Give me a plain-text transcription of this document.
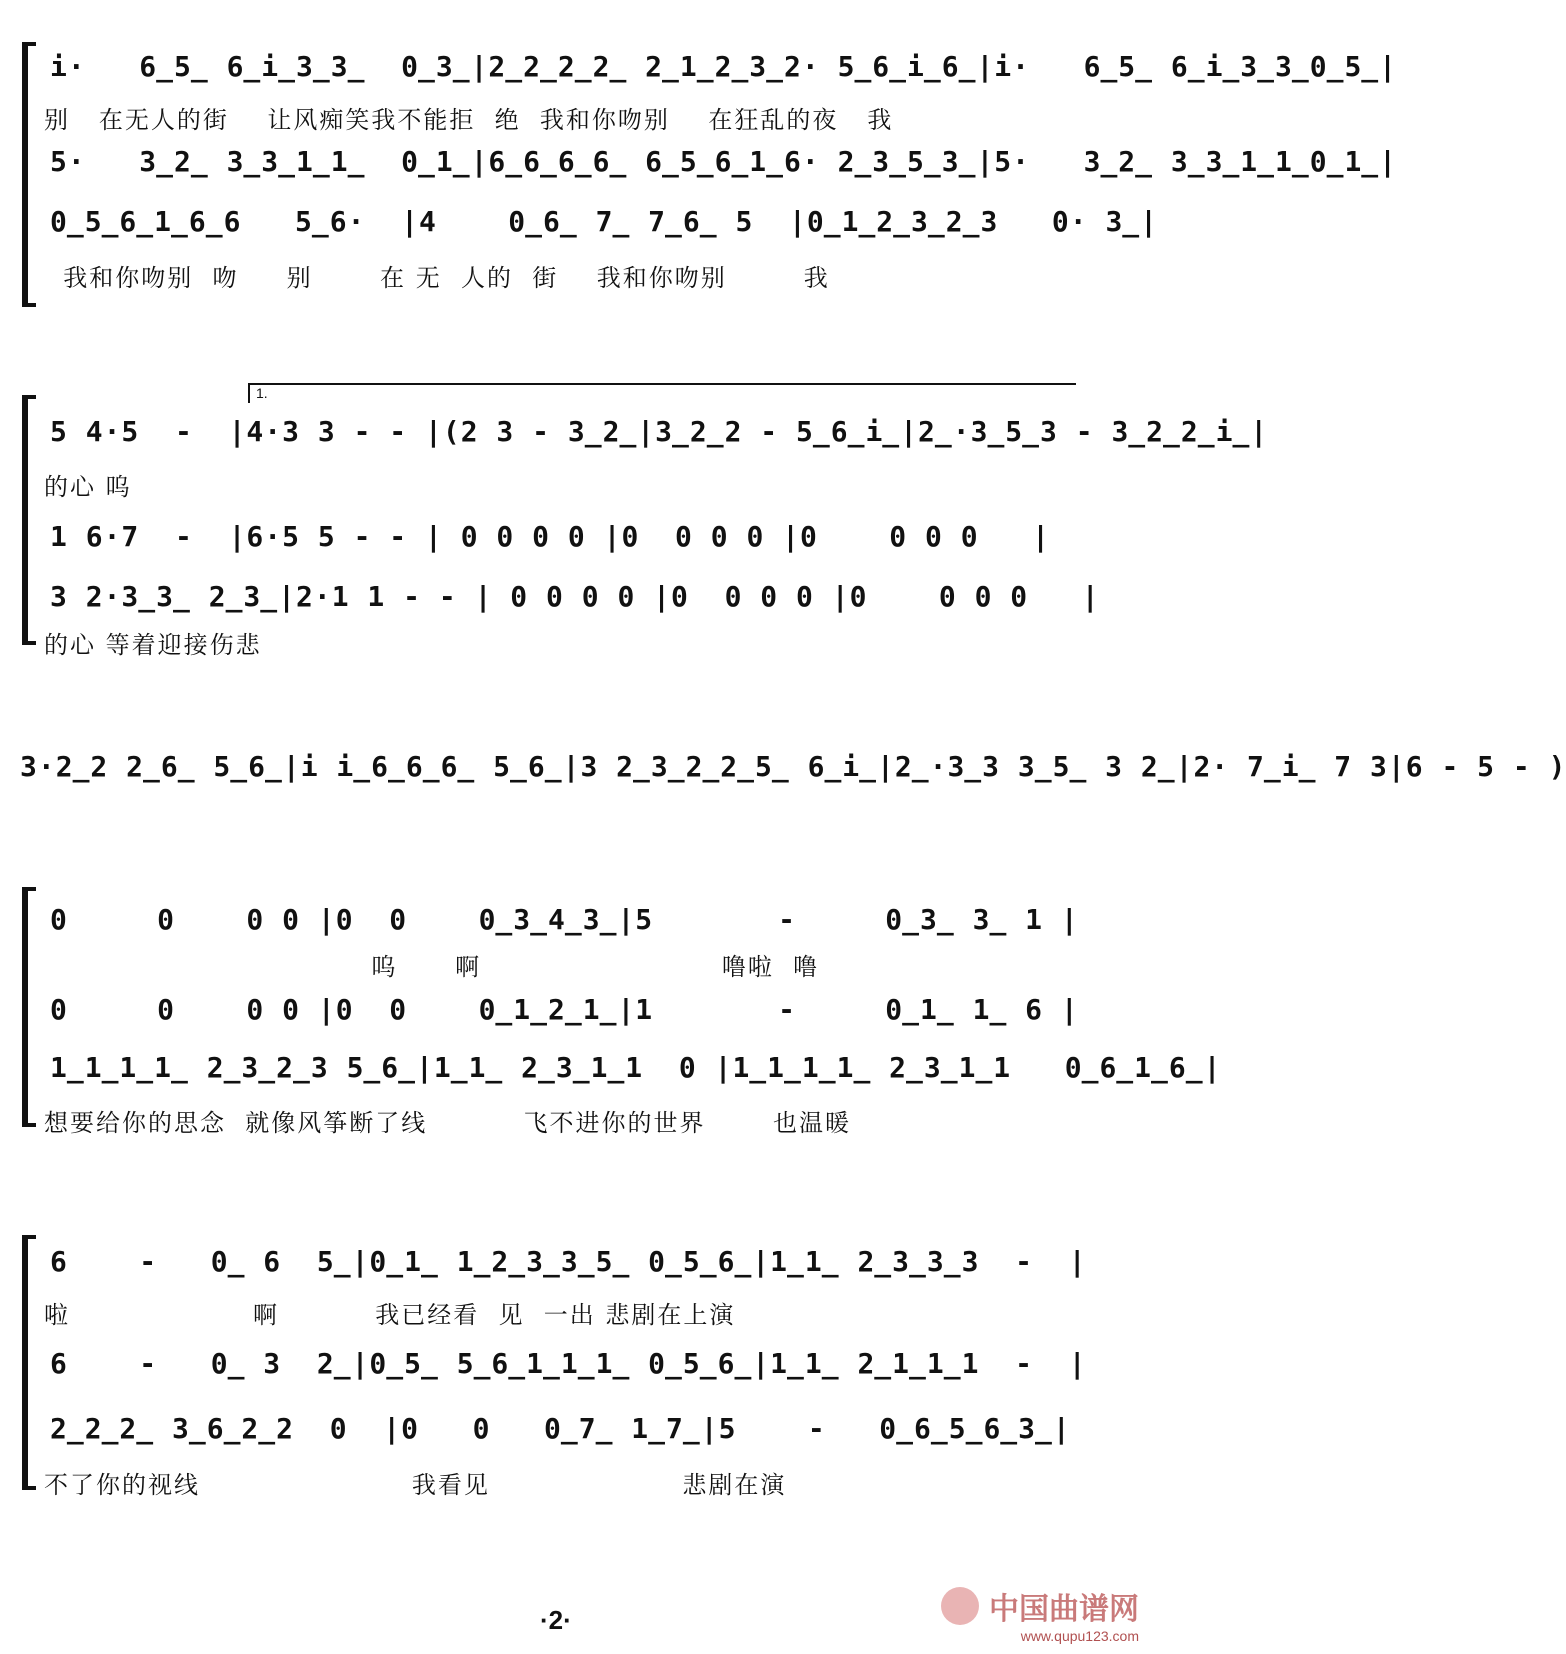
i·   6̲5̲ 6̲i̲3̲3̲  0̲3̲|2̲2̲2̲2̲ 2̲1̲2̲3̲2· 5̲6̲i̲6̲|i·   6̲5̲ 6̲i̲3̲3̲0̲5̲|
别   在无人的街    让风痴笑我不能拒  绝  我和你吻别    在狂乱的夜   我
5·   3̲2̲ 3̲3̲1̲1̲  0̲1̲|6̲6̲6̲6̲ 6̲5̲6̲1̲6· 2̲3̲5̲3̲|5·   3̲2̲ 3̲3̲1̲1̲0̲1̲|
0̲5̲6̲1̲6̲6   5̲6·  |4    0̲6̲ 7̲ 7̲6̲ 5  |0̲1̲2̲3̲2̲3   0· 3̲|
我和你吻别  吻     别       在 无  人的  街    我和你吻别        我
1.
5 4·5  -  |4·3 3 - - |(2 3 - 3̲2̲|3̲2̲2 - 5̲6̲i̲|2̲·3̲5̲3 - 3̲2̲2̲i̲|
的心 呜
1 6·7  -  |6·5 5 - - | 0 0 0 0 |0  0 0 0 |0    0 0 0   |
3 2·3̲3̲ 2̲3̲|2·1 1 - - | 0 0 0 0 |0  0 0 0 |0    0 0 0   |
的心 等着迎接伤悲
3·2̲2 2̲6̲ 5̲6̲|i i̲6̲6̲6̲ 5̲6̲|3 2̲3̲2̲2̲5̲ 6̲i̲|2̲·3̲3 3̲5̲ 3 2̲|2· 7̲i̲ 7 3|6 - 5 - )
0     0    0 0 |0  0    0̲3̲4̲3̲|5       -     0̲3̲ 3̲ 1 |
呜      啊                         噜啦  噜
0     0    0 0 |0  0    0̲1̲2̲1̲|1       -     0̲1̲ 1̲ 6 |
1̲1̲1̲1̲ 2̲3̲2̲3 5̲6̲|1̲1̲ 2̲3̲1̲1  0 |1̲1̲1̲1̲ 2̲3̲1̲1   0̲6̲1̲6̲|
想要给你的思念  就像风筝断了线          飞不进你的世界       也温暖
6    -   0̲ 6  5̲|0̲1̲ 1̲2̲3̲3̲5̲ 0̲5̲6̲|1̲1̲ 2̲3̲3̲3  -  |
啦                   啊          我已经看  见  一出 悲剧在上演
6    -   0̲ 3  2̲|0̲5̲ 5̲6̲1̲1̲1̲ 0̲5̲6̲|1̲1̲ 2̲1̲1̲1  -  |
2̲2̲2̲ 3̲6̲2̲2  0  |0   0   0̲7̲ 1̲7̲|5    -   0̲6̲5̲6̲3̲|
不了你的视线                      我看见                    悲剧在演
·2·	中国曲谱网
www.qupu123.com
